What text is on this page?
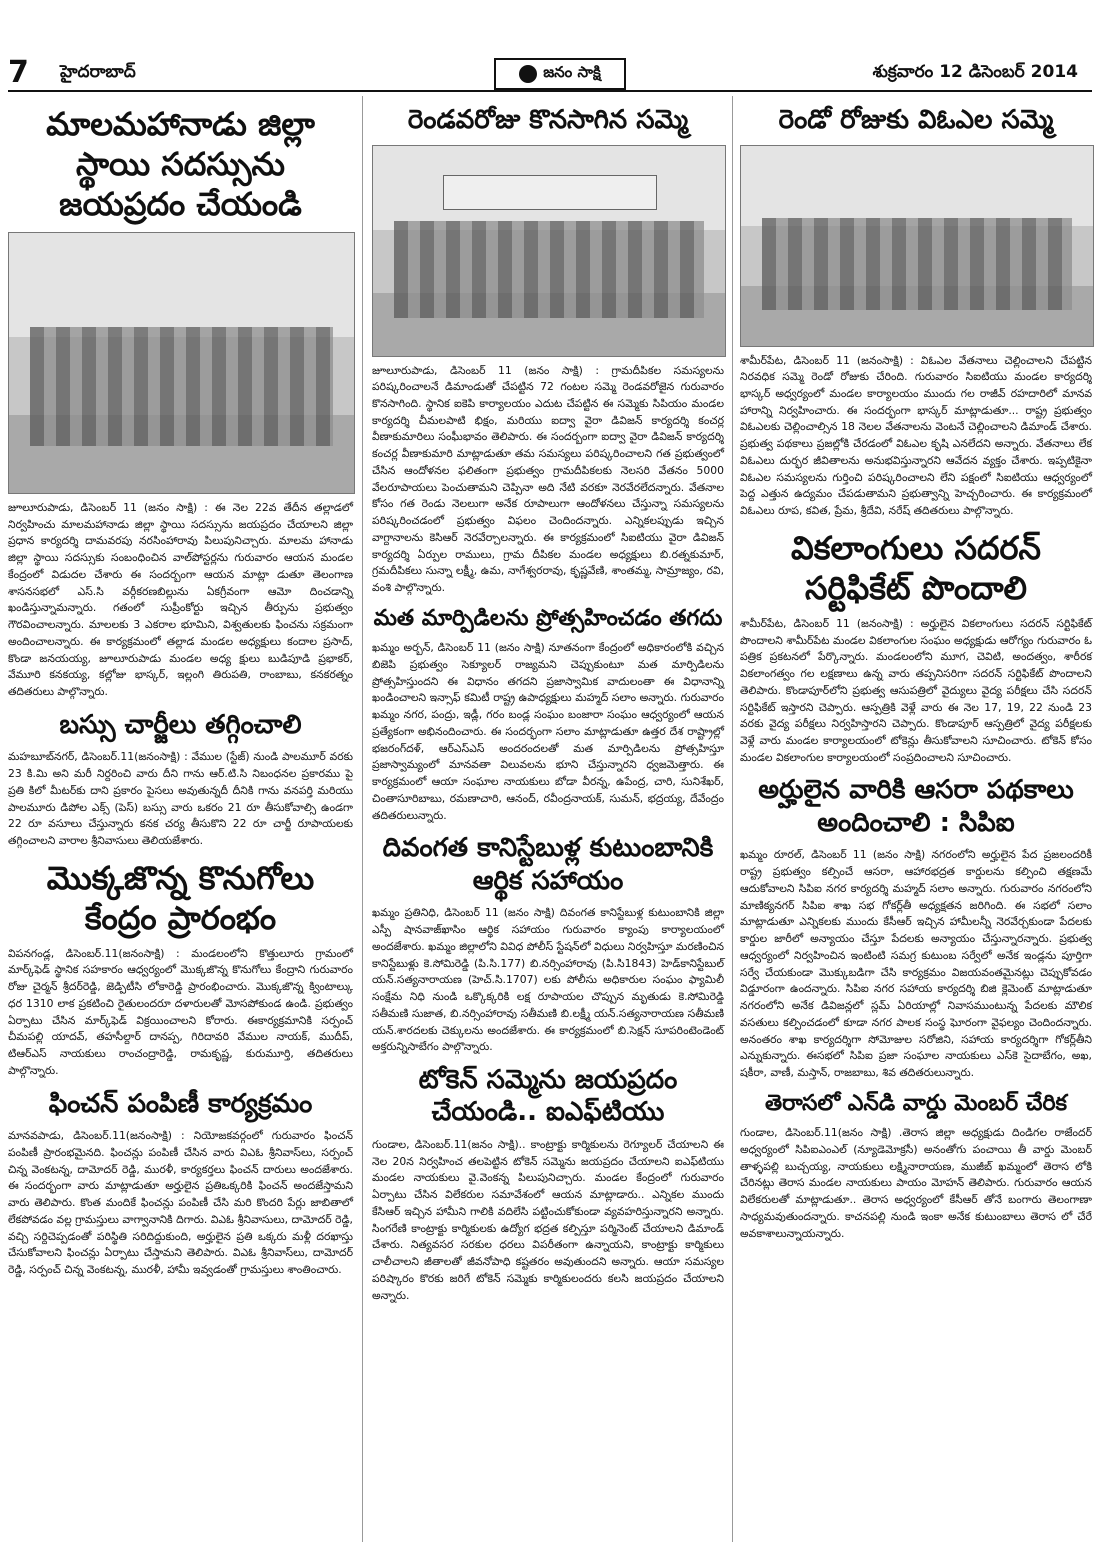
7 హైదరాబాద్	జనం సాక్షి	శుక్రవారం 12 డిసెంబర్ 2014
మాలమహానాడు జిల్లా స్థాయి సదస్సును జయప్రదం చేయండి

జూలూరుపాడు, డిసెంబర్ 11 (జనం సాక్షి) : ఈ నెల 22వ తేదీన తల్లాడలో నిర్వహించు మాలమహానాడు జిల్లా స్థాయి సదస్సును జయప్రదం చేయాలని జిల్లా ప్రధాన కార్యదర్శి దామవరపు నరసింహారావు పిలుపునిచ్చారు. మాలమ హానాడు జిల్లా స్థాయి సదస్సుకు సంబంధించిన వాల్‌పోస్టర్లను గురువారం ఆయన మండల కేంద్రంలో విడుదల చేశారు ఈ సందర్బంగా ఆయన మాట్లా డుతూ తెలంగాణ శాసనసభలో ఎస్.సి వర్గీకరణబిల్లును ఏకగ్రీవంగా ఆమో దించడాన్ని ఖండిస్తున్నామన్నారు. గతంలో సుప్రీంకోర్టు ఇచ్చిన తీర్పును ప్రభుత్వం గౌరవించాలన్నారు. మాలలకు 3 ఎకరాల భూమిని, విశ్వతులకు ఫించను సక్రమంగా అందించాలన్నారు. ఈ కార్యక్రమంలో తల్లాడ మండల అధ్యక్షులు కందాల ప్రసాద్, కొండా జనయయ్య, జూలూరుపాడు మండల అధ్య క్షులు బుడిపూడి ప్రభాకర్, వేమూరి కనకయ్య, కల్లోజు భాస్కర్, ఇల్లంగి తిరుపతి, రాంబాబు, కనకరత్నం తదితరులు పాల్గొన్నారు.

బస్సు చార్జీలు తగ్గించాలి

మహబూబ్‌నగర్, డిసెంబర్.11(జనంసాక్షి) : వేముల (స్టేజ్) నుండి పాలమూర్ వరకు 23 కి.మి అని మరీ నిర్దరించి వారు దీని గాను ఆర్.టి.సి నిబంధనల ప్రకారము పై ప్రతి కిలో మీటర్‌కు దాని ప్రకారం పైసలు అవుతున్నదీ దీనికి గాను వనపర్తి మరియు పాలమూరు డిపోల ఎక్స్ (పెస్) బస్సు వారు ఒకరం 21 రూ తీసుకోవాల్సి ఉండగా 22 రూ వసూలు చేస్తున్నారు కనక చర్య తీసుకొని 22 రూ చార్జీ రూపాయలకు తగ్గించాలని వారాల శ్రీనివాసులు తెలియజేశారు.

మొక్కజొన్న కొనుగోలు కేంద్రం ప్రారంభం

విపనగండ్ల, డిసెంబర్.11(జనంసాక్షి) : మండలంలోని కొత్తులూరు గ్రామంలో మార్క్‌ఫెడ్ స్థానిక సహకారం ఆధ్వర్యంలో మొక్కజొన్న కొనుగోలు కేంద్రాని గురువారం రోజు చైర్మన్ శ్రీదర్‌రెడ్డి, జెడ్పిటీసి లోకారెడ్డి ప్రారంభించారు. మొక్కజొన్న క్వింటాల్కు ధర 1310 లాక ప్రకటించి రైతులందరూ దళారులతో మోసపోకుండ ఉండి. ప్రభుత్వం ఏర్పాటు చేసిన మార్క్‌ఫెడ్ విక్రయించాలని కోరారు. ఈకార్యక్రమానికి సర్పంచ్ చీమపల్లి యాదవ్, తహసీల్దార్ దానప్ప, గిరిదావరి వేముల నాయక్, ముదీప్, టిఆర్ఎస్ నాయకులు రాంచంద్రారెడ్డి, రామకృష్ణ, కురుమూర్తి, తదితరులు పాల్గొన్నారు.

ఫించన్ పంపిణీ కార్యక్రమం

మానవపాడు, డిసెంబర్.11(జనంసాక్షి) : నియోజకవర్గంలో గురువారం ఫించన్ పంపిణీ ప్రారంభమైనది. ఫించన్లు పంపిణీ చేసిన వారు విఎఓ శ్రీనివాస్‌లు, సర్పంచ్ చిన్న వెంకటన్న, దామోదర్ రెడ్డి, మురళీ, కార్యకర్తలు ఫించన్ దారులు అందజేశారు. ఈ సందర్భంగా వారు మాట్లాడుతూ అర్హులైన ప్రతిఒక్కరికి ఫించన్ అందజేస్తామని వారు తెలిపారు. కొంత మందికే ఫించన్లు పంపిణీ చేసి మరి కొందరి పేర్లు జాబితాలో లేకపోవడం వల్ల గ్రామస్తులు వాగ్వానానికి దిగారు. విఎఓ శ్రీనివాసులు, దామోదర్ రెడ్డి, వచ్చి సర్దిచెప్పడంతో పరిస్థితి సరిదిద్దుకుంది, అర్హులైన ప్రతి ఒక్కరు మళ్లీ దరఖాస్తు చేసుకోవాలని ఫించన్లు ఏర్పాటు చేస్తామని తెలిపారు. విఎఓ శ్రీనివాస్‌లు, దామోదర్ రెడ్డి, సర్పంచ్ చిన్న వెంకటన్న, మురళీ, హామీ ఇవ్వడంతో గ్రామస్తులు శాంతించారు.

రెండవరోజు కొనసాగిన సమ్మె

జూలూరుపాడు, డిసెంబర్ 11 (జనం సాక్షి) : గ్రామదీపికల సమస్యలను పరిష్కరించాలనే డిమాండుతో చేపట్టిన 72 గంటల సమ్మె రెండవరోజైన గురువారం కొనసాగింది. స్థానిక ఐకెపి కార్యాలయం ఎదుట చేపట్టిన ఈ సమ్మెకు సిపియం మండల కార్యదర్శి చీమలపాటి భిక్షం, మరియు ఐద్వా వైరా డివిజన్ కార్యదర్శి కంచర్ల వీణాకుమారిలు సంఘీభావం తెలిపారు. ఈ సందర్బంగా ఐద్వా వైరా డివిజన్ కార్యదర్శి కంచర్ల వీణాకుమారి మాట్లాడుతూ తమ సమస్యలు పరిష్కరించాలని గత ప్రభుత్వంలో చేసిన ఆందోళనల ఫలితంగా ప్రభుత్వం గ్రామదీపికలకు నెలసరి వేతనం 5000 వేలరూపాయలు పెంచుతామని చెప్పినా అది నేటి వరకూ నెరవేరలేదన్నారు. వేతనాల కోసం గత రెండు నెలలుగా అనేక రూపాలుగా ఆందోళనలు చేస్తున్నా సమస్యలను పరిష్కరించడంలో ప్రభుత్వం విఫలం చెందిందన్నారు. ఎన్నికలప్పుడు ఇచ్చిన వాగ్దానాలను కెసిఆర్ నెరవేర్చాలన్నారు. ఈ కార్యక్రమంలో సిఐటియు వైరా డివిజన్ కార్యదర్శి ఏర్పుల రాములు, గ్రామ దీపికల మండల అధ్యక్షులు బి.రత్నకుమార్, గ్రమదీపికలు సున్నా లక్ష్మీ, ఉమ, నాగేశ్వరరావు, కృష్ణవేణి, శాంతమ్మ, సామ్రాజ్యం, రవి, వంశి పాల్గొన్నారు.

మత మార్పిడిలను ప్రోత్సహించడం తగదు

ఖమ్మం అర్బన్, డిసెంబర్ 11 (జనం సాక్షి) నూతనంగా కేంద్రంలో అధికారంలోకి వచ్చిన బిజెపి ప్రభుత్వం సెక్యూలర్ రాజ్యమని చెప్పుకుంటూ మత మార్పిడిలను ప్రోత్సహిస్తుందని ఈ విధానం తగదని ప్రజాస్వామిక వాదులంతా ఈ విధానాన్ని ఖండించాలని ఇన్సాఫ్ కమిటీ రాష్ట్ర ఉపాధ్యక్షులు మహ్మద్ సలాం అన్నారు. గురువారం ఖమ్మం నగర, పంద్రు, ఇడ్లీ, గరం బండ్ల సంఘం బంజారా సంఘం ఆధ్వర్యంలో ఆయన ప్రత్యేకంగా అభినందించారు. ఈ సందర్భంగా సలాం మాట్లాడుతూ ఉత్తర దేశ రాష్ట్రాల్లో భజరంగ్‌దళ్, ఆర్ఎస్ఎస్ అందరందలతో మత మార్పిడిలను ప్రోత్సహిస్తూ ప్రజాస్వామ్యంలో మానవతా విలువలను భూని చేస్తున్నారని ధ్వజమెత్తారు. ఈ కార్యక్రమంలో ఆయా సంఘాల నాయకులు బోడా వీరన్న, ఉపేంద్ర, చారి, సునిశేఖర్, చింతాసూరిబాబు, రమణాచారి, ఆనంద్, రవీంద్రనాయక్, సుమన్, భద్రయ్య, దేవేంద్రం తదితరులున్నారు.

దివంగత కానిస్టేబుళ్ల కుటుంబానికి ఆర్థిక సహాయం

ఖమ్మం ప్రతినిధి, డిసెంబర్ 11 (జనం సాక్షి) దివంగత కానిస్టేబుళ్ల కుటుంబానికి జిల్లా ఎస్పీ షానవాజ్‌ఖాసిం ఆర్థిక సహాయం గురువారం క్యాంపు కార్యాలయంలో అందజేశారు. ఖమ్మం జిల్లాలోని వివిధ పోలీస్ స్టేషన్‌లో విధులు నిర్వహిస్తూ మరణించిన కానిస్టేబుళ్లు కె.సోమిరెడ్డి (పి.సి.177) బి.నర్సింహారావు (పి.సి1843) హెడ్‌కానిస్టేబుల్ యన్.సత్యనారాయణ (హెచ్.సి.1707) లకు పోలీసు అధికారుల సంఘం ఫ్యామిలీ సంక్షేమ నిధి నుండి ఒక్కొక్కరికి లక్ష రూపాయల చొప్పున మృతుడు కె.సోమిరెడ్డి సతీమణి సుజాత, బి.నర్సింహారావు సతీమణి బి.లక్ష్మీ యన్.సత్యనారాయణ సతీమణి యన్.శారదలకు చెక్కులను అందజేశారు. ఈ కార్యక్రమంలో బి.సెక్షన్ సూపరింటెండెంట్ అక్తరున్నిసాబేగం పాల్గొన్నారు.

టోకెన్ సమ్మెను జయప్రదం చేయండి.. ఐఎఫ్‌టియు

గుండాల, డిసెంబర్.11(జనం సాక్షి).. కాంట్రాక్టు కార్మికులను రెగ్యూలర్ చేయాలని ఈ నెల 20న నిర్వహించ తలపెట్టిన టోకెన్ సమ్మెను జయప్రదం చేయాలని ఐఎఫ్‌టియు మండల నాయకులు వై.వెంకన్న పిలుపునిచ్చారు. మండల కేంద్రంలో గురువారం ఏర్పాటు చేసిన విలేకరుల సమావేశంలో ఆయన మాట్లాడారు.. ఎన్నికల ముందు కేసిఆర్ ఇచ్చిన హామీని గాలికి వదిలేసి పట్టించుకోకుండా వ్యవహరిస్తున్నారని అన్నారు. సింగరేణి కాంట్రాక్టు కార్మికులకు ఉద్యోగ భద్రత కల్పిస్తూ పర్మినెంట్ చేయాలని డిమాండ్ చేశారు. నిత్యవసర సరకుల ధరలు విపరీతంగా ఉన్నాయని, కాంట్రాక్టు కార్మికులు చాలీచాలని జీతాలతో జీవనోపాధి కష్టతరం అవుతుందని అన్నారు. ఆయా సమస్యల పరిష్కారం కొరకు జరిగే టోకెన్ సమ్మెకు కార్మికులందరు కలసి జయప్రదం చేయాలని అన్నారు.

రెండో రోజుకు విఓఎల సమ్మె

శామీర్‌పేట, డిసెంబర్ 11 (జనంసాక్షి) : విఓఎల వేతనాలు చెల్లించాలని చేపట్టిన నిరవధిక సమ్మె రెండో రోజుకు చేరింది. గురువారం సిఐటియు మండల కార్యదర్శి భాస్కర్ అధ్వర్యంలో మండల కార్యాలయం ముందు గల రాజీవ్ రహదారిలో మానవ హారాన్ని నిర్వహించారు. ఈ సందర్భంగా భాస్కర్ మాట్లాడుతూ... రాష్ట్ర ప్రభుత్వం విఓఎలకు చెల్లించాల్సిన 18 నెలల వేతనాలను వెంటనే చెల్లించాలని డిమాండ్ చేశారు. ప్రభుత్వ పథకాలు ప్రజల్లోకి చేరడంలో విఓఎల కృషి ఎనలేదని అన్నారు. వేతనాలు లేక విఓఎలు దుర్భర జీవితాలను అనుభవిస్తున్నారని ఆవేదన వ్యక్తం చేశారు. ఇప్పటికైనా విఓఎల సమస్యలను గుర్తించి పరిష్కరించాలని లేని పక్షంలో సిఐటియు ఆధ్వర్యంలో పెద్ద ఎత్తున ఉద్యమం చేపడుతామని ప్రభుత్వాన్ని హెచ్చరించారు. ఈ కార్యక్రమంలో విఓఎలు రూప, కవిత, ప్రేమ, శ్రీదేవి, నరేష్ తదితరులు పాల్గొన్నారు.

వికలాంగులు సదరన్ సర్టిఫికేట్ పొందాలి

శామీర్‌పేట, డిసెంబర్ 11 (జనంసాక్షి) : అర్హులైన వికలాంగులు సదరన్ సర్టిఫికేట్ పొందాలని శామీర్‌పేట మండల వికలాంగుల సంఘం అధ్యక్షుడు ఆరోగ్యం గురువారం ఓ పత్రిక ప్రకటనలో పేర్కొన్నారు. మండలంలోని మూగ, చెవిటి, అందత్వం, శారీరక వికలాంగత్వం గల లక్షణాలు ఉన్న వారు తప్పనిసరిగా సదరన్ సర్టిఫికేట్ పొందాలని తెలిపారు. కొండాపూర్‌లోని ప్రభుత్వ ఆసుపత్రిలో వైద్యులు వైద్య పరీక్షలు చేసి సదరన్ సర్టిఫికేట్ ఇస్తారని చెప్పారు. ఆస్పత్రికి వెళ్లే వారు ఈ నెల 17, 19, 22 నుండి 23 వరకు వైద్య పరీక్షలు నిర్వహిస్తారని చెప్పారు. కొండాపూర్ ఆస్పత్రిలో వైద్య పరీక్షలకు వెళ్లే వారు మండల కార్యాలయంలో టోకెన్లు తీసుకోవాలని సూచించారు. టోకెన్ కోసం మండల వికలాంగుల కార్యాలయంలో సంప్రదించాలని సూచించారు.

అర్హులైన వారికి ఆసరా పథకాలు అందించాలి : సిపిఐ

ఖమ్మం రూరల్, డిసెంబర్ 11 (జనం సాక్షి) నగరంలోని అర్హులైన పేద ప్రజలందరికీ రాష్ట్ర ప్రభుత్వం కల్పించే ఆసరా, ఆహారభద్రత కార్డులను కల్పించి తక్షణమే ఆదుకోవాలని సిపిఐ నగర కార్యదర్శి మహ్మద్ సలాం అన్నారు. గురువారం నగరంలోని మాణిక్యనగర్ సిపిఐ శాఖ సభ గోకర్ల్‌తీ అధ్యక్షతన జరిగింది. ఈ సభలో సలాం మాట్లాడుతూ ఎన్నికలకు ముందు కేసీఆర్ ఇచ్చిన హామీలన్నీ నెరవేర్చకుండా పేదలకు కార్డుల జారీలో అన్యాయం చేస్తూ పేదలకు అన్యాయం చేస్తున్నారన్నారు. ప్రభుత్వ ఆధ్వర్యంలో నిర్వహించిన ఇంటింటి సమగ్ర కుటుంబ సర్వేలో అనేక ఇండ్లను పూర్తిగా సర్వే చేయకుండా మొక్కుబడిగా చేసి కార్యక్రమం విజయవంతమైనట్లు చెప్పుకోవడం విడ్డూరంగా ఉందన్నారు. సిపిఐ నగర సహాయ కార్యదర్శి బిజి క్లెమెంట్ మాట్లాడుతూ నగరంలోని అనేక డివిజన్లలో స్లమ్ ఏరియాల్లో నివాసముంటున్న పేదలకు మౌలిక వసతులు కల్పించడంలో కూడా నగర పాలక సంస్థ ఘోరంగా వైఫల్యం చెందిందన్నారు. అనంతరం శాఖ కార్యదర్శిగా సోమోజుల సరోజిని, సహాయ కార్యదర్శిగా గోకర్ల్‌తీని ఎన్నుకున్నారు. ఈసభలో సిపిఐ ప్రజా సంఘాల నాయకులు ఎస్‌కె సైదాబేగం, అఖ, షకీరా, వాణీ, మస్తాన్, రాజబాబు, శివ తదితరులున్నారు.

తెరాసలో ఎన్‌డి వార్డు మెంబర్ చేరిక

గుండాల, డిసెంబర్.11(జనం సాక్షి) .తెరాస జిల్లా అధ్యక్షుడు దిండిగల రాజేందర్ అధ్వర్యంలో సిపిఐఎంఎల్ (న్యూడెమోక్రసీ) అనంతోగు పంచాయి తీ వార్డు మెంబర్ తాళ్ళపల్లి బుచ్చయ్య, నాయకులు లక్ష్మినారాయణ, ముజీబ్ ఖమ్మంలో తెరాస లోకి చేరినట్లు తెరాస మండల నాయకులు పాయం మోహన్ తెలిపారు. గురువారం ఆయన విలేకరులతో మాట్లాడుతూ.. తెరాస అధ్వర్యంలో కేసీఆర్ తోనే బంగారు తెలంగాణా సాధ్యమవుతుందన్నారు. కాచనపల్లి నుండి ఇంకా అనేక కుటుంబాలు తెరాస లో చేరే అవకాశాలున్నాయన్నారు.
